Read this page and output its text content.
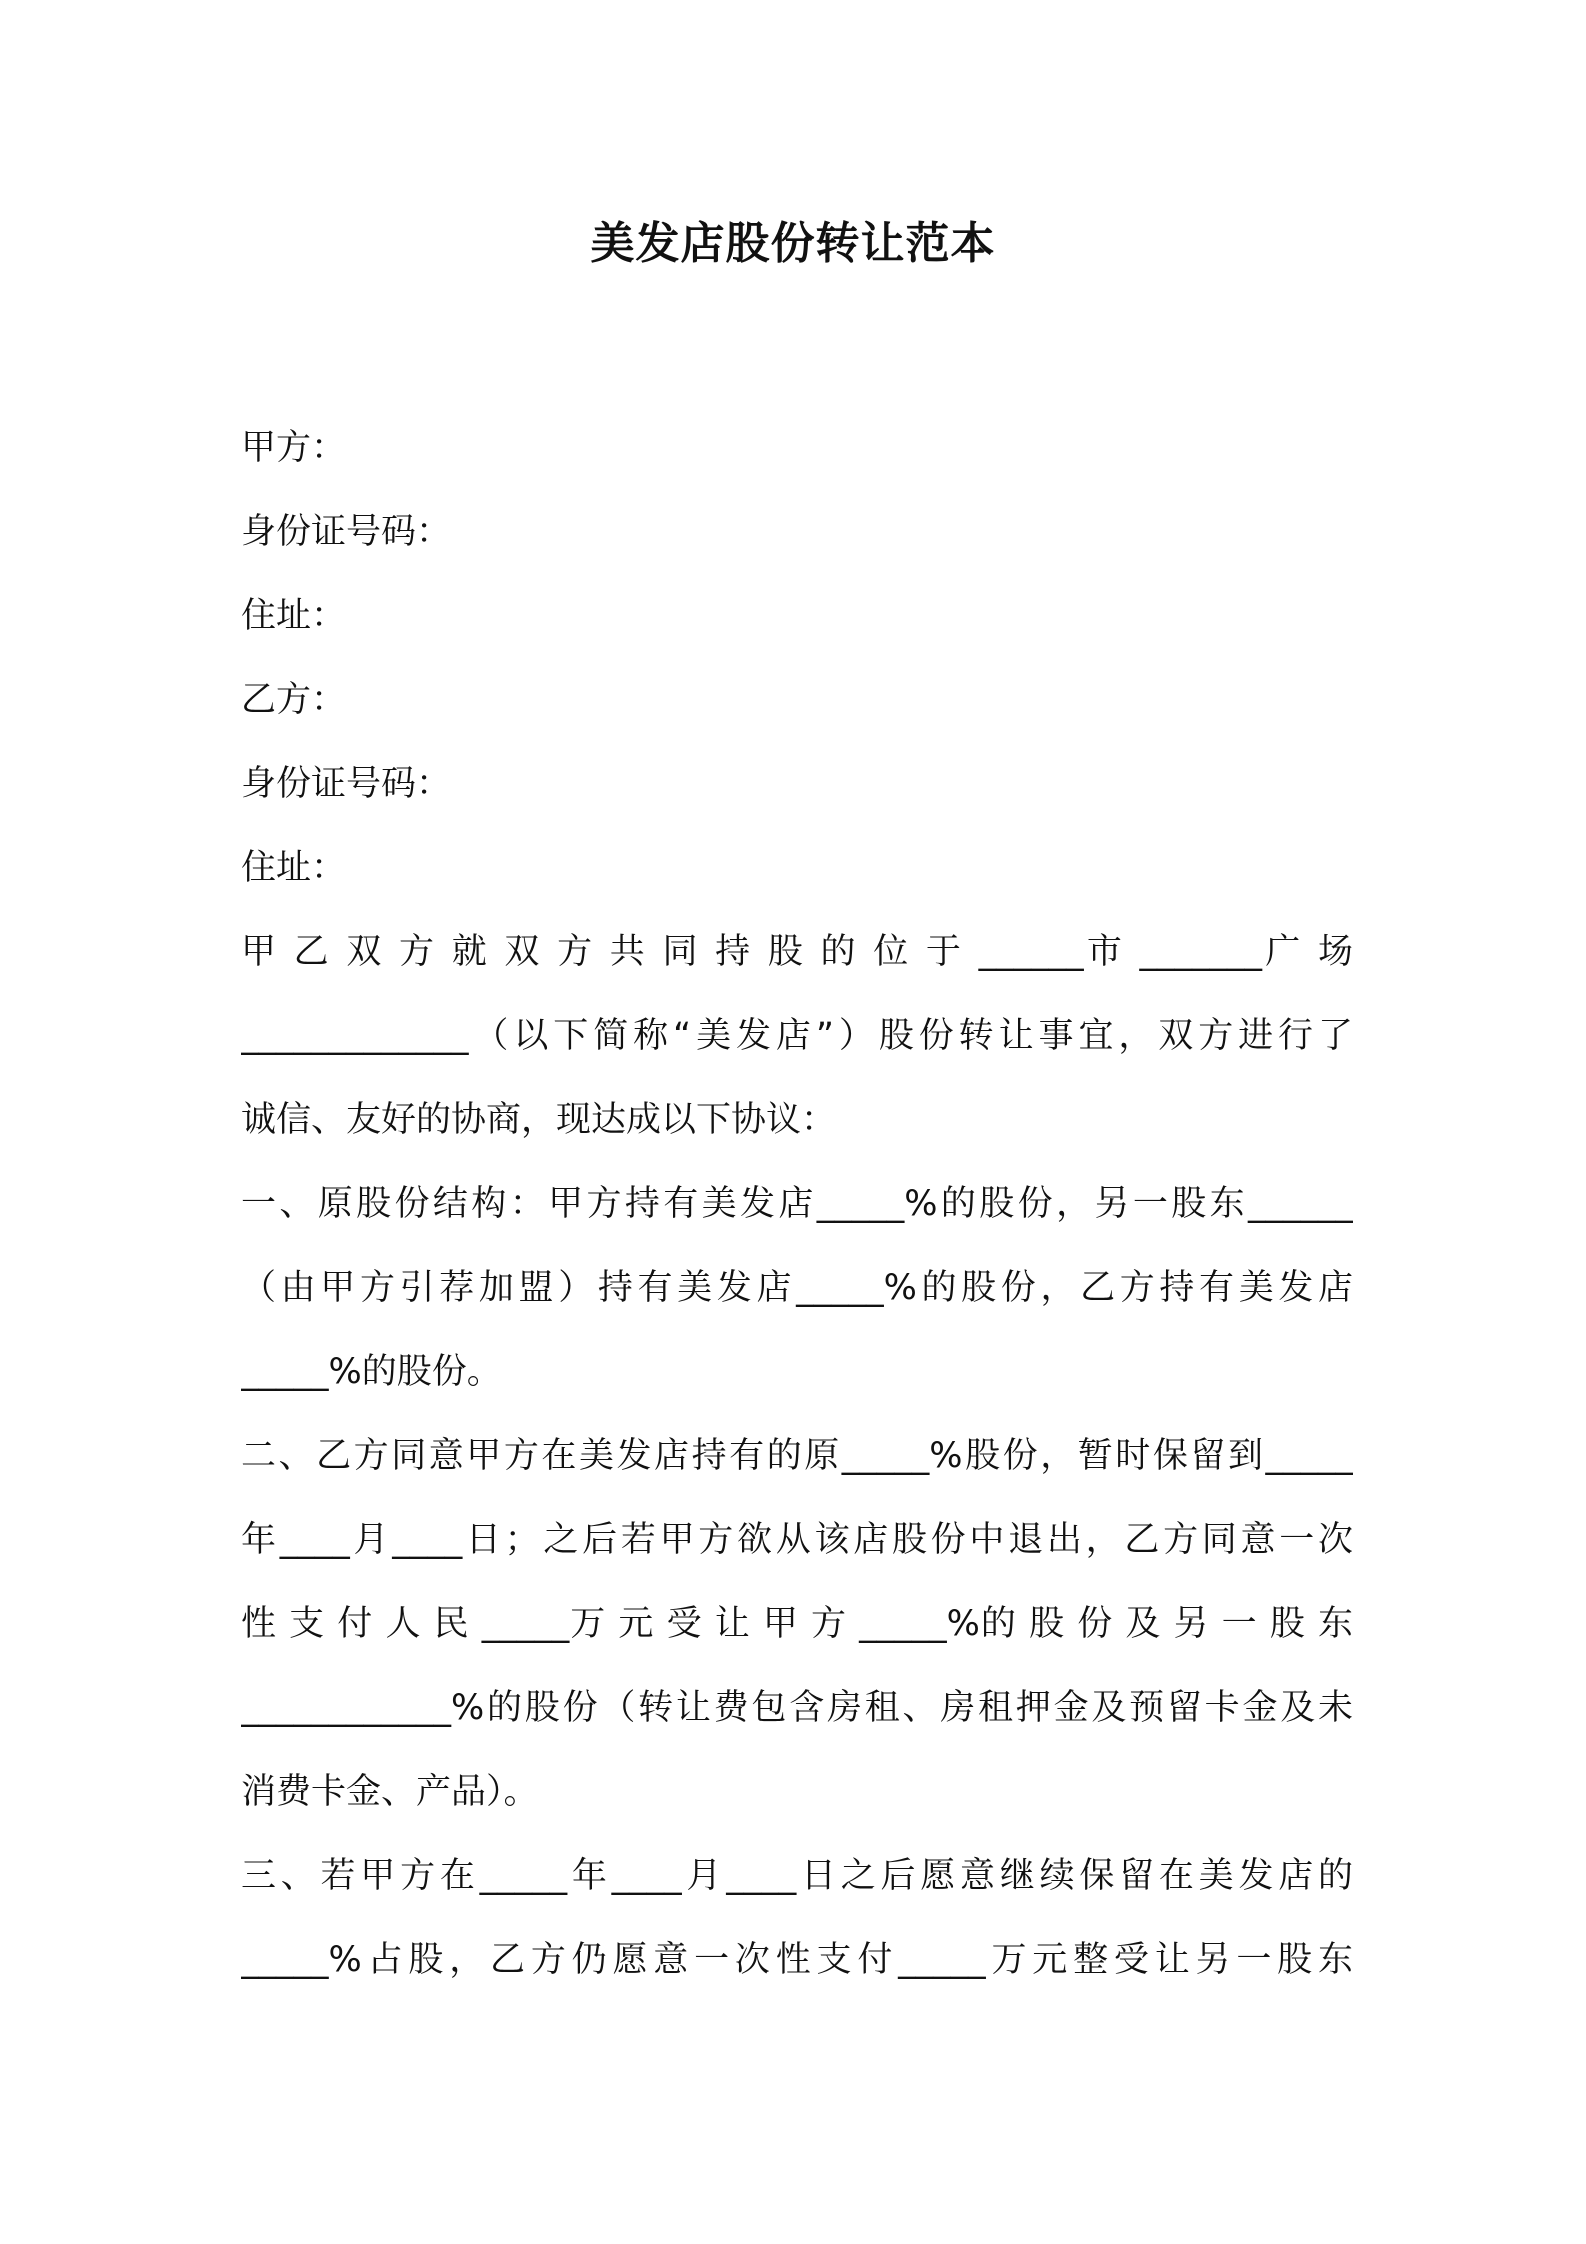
美发店股份转让范本
甲方：
身份证号码：
住址：
乙方：
身份证号码：
住址：
甲 乙 双 方 就 双 方 共 同 持 股 的 位 于 ______市 _______广 场
_____________（以下简称“美发店”）股份转让事宜，双方进行了
诚信、友好的协商，现达成以下协议：
一、原股份结构：甲方持有美发店_____%的股份，另一股东______
（由甲方引荐加盟）持有美发店_____%的股份，乙方持有美发店
_____%的股份。
二、乙方同意甲方在美发店持有的原_____%股份，暂时保留到_____
年____月____日；之后若甲方欲从该店股份中退出，乙方同意一次
性 支 付 人 民 _____万 元 受 让 甲 方 _____%的 股 份 及 另 一 股 东
____________%的股份（转让费包含房租、房租押金及预留卡金及未
消费卡金、产品）。
三、若甲方在_____年____月____日之后愿意继续保留在美发店的
_____%占股，乙方仍愿意一次性支付_____万元整受让另一股东
